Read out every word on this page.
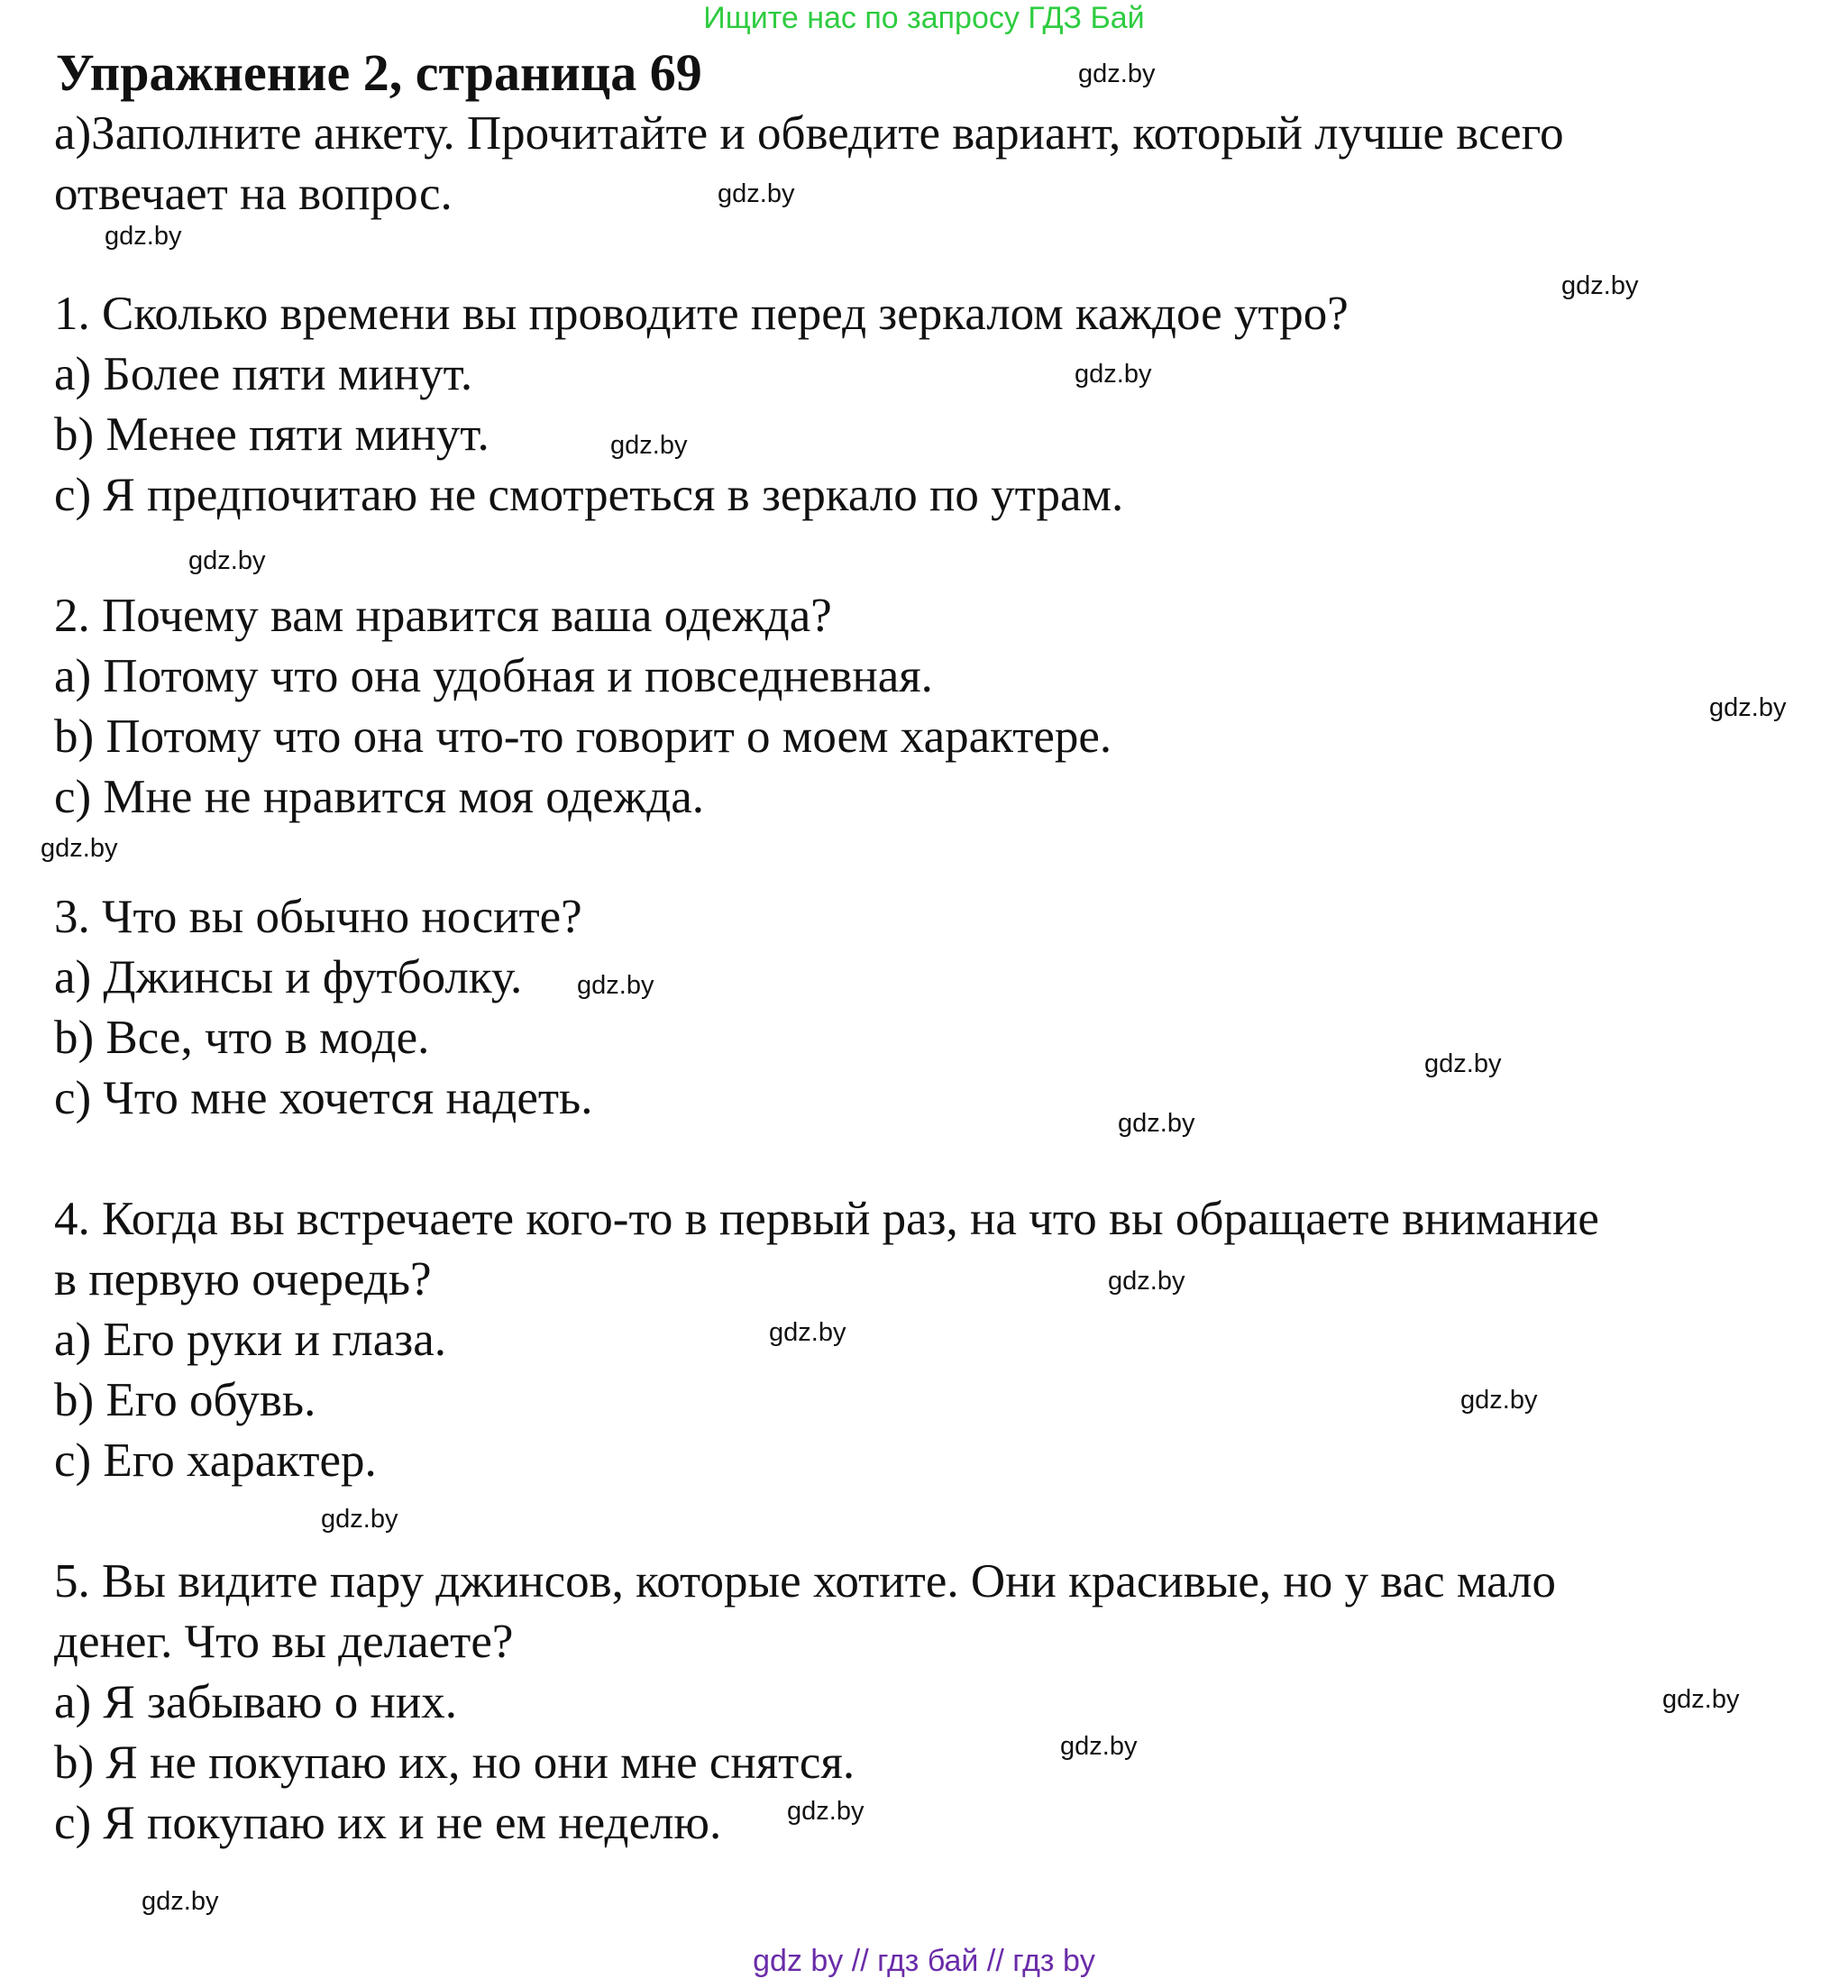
Ищите нас по запросу ГДЗ Бай
Упражнение 2, страница 69
a)Заполните анкету. Прочитайте и обведите вариант, который лучше всего
отвечает на вопрос.
1. Сколько времени вы проводите перед зеркалом каждое утро?
a) Более пяти минут.
b) Менее пяти минут.
c) Я предпочитаю не смотреться в зеркало по утрам.
2. Почему вам нравится ваша одежда?
a) Потому что она удобная и повседневная.
b) Потому что она что-то говорит о моем характере.
c) Мне не нравится моя одежда.
3. Что вы обычно носите?
a) Джинсы и футболку.
b) Все, что в моде.
c) Что мне хочется надеть.
4. Когда вы встречаете кого-то в первый раз, на что вы обращаете внимание
в первую очередь?
a) Его руки и глаза.
b) Его обувь.
c) Его характер.
5. Вы видите пару джинсов, которые хотите. Они красивые, но у вас мало
денег. Что вы делаете?
a) Я забываю о них.
b) Я не покупаю их, но они мне снятся.
c) Я покупаю их и не ем неделю.
gdz.by
gdz.by
gdz.by
gdz.by
gdz.by
gdz.by
gdz.by
gdz.by
gdz.by
gdz.by
gdz.by
gdz.by
gdz.by
gdz.by
gdz.by
gdz.by
gdz.by
gdz.by
gdz.by
gdz.by
gdz by // гдз бай // гдз by
